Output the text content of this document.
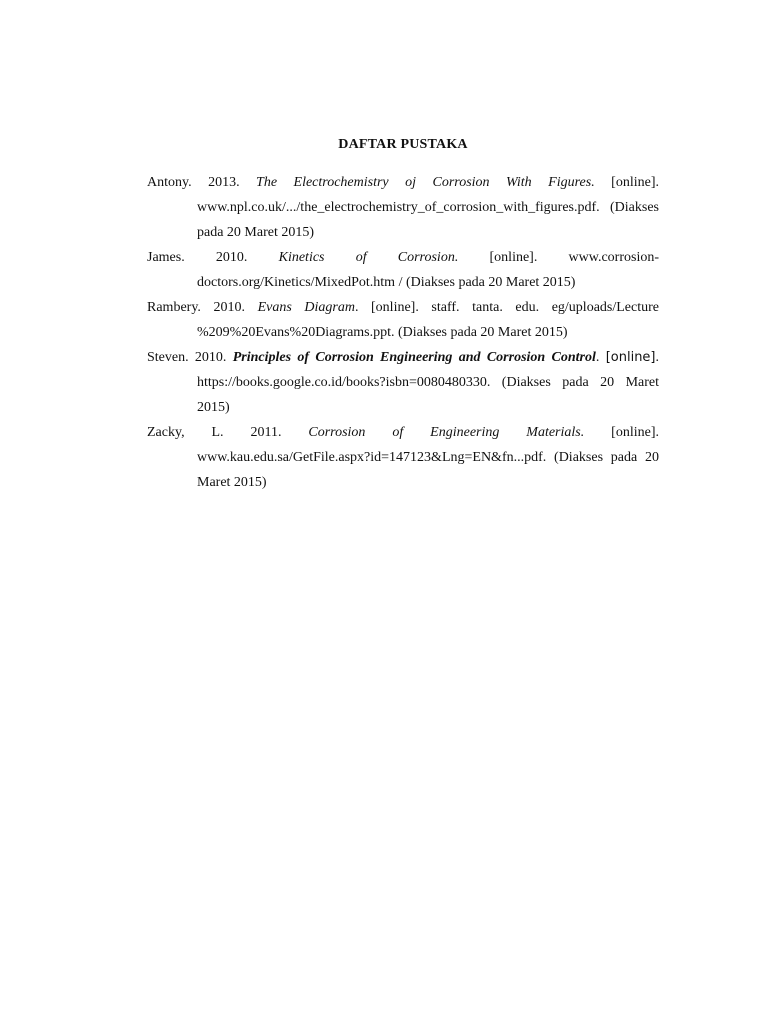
DAFTAR PUSTAKA
Antony. 2013. The Electrochemistry oj Corrosion With Figures. [online]. www.npl.co.uk/.../the_electrochemistry_of_corrosion_with_figures.pdf. (Diakses pada 20 Maret 2015)
James. 2010. Kinetics of Corrosion. [online]. www.corrosion-doctors.org/Kinetics/MixedPot.htm / (Diakses pada 20 Maret 2015)
Rambery. 2010. Evans Diagram. [online]. staff. tanta. edu. eg/uploads/Lecture %209%20Evans%20Diagrams.ppt. (Diakses pada 20 Maret 2015)
Steven. 2010. Principles of Corrosion Engineering and Corrosion Control. [online]. https://books.google.co.id/books?isbn=0080480330. (Diakses pada 20 Maret 2015)
Zacky, L. 2011. Corrosion of Engineering Materials. [online]. www.kau.edu.sa/GetFile.aspx?id=147123&Lng=EN&fn...pdf. (Diakses pada 20 Maret 2015)
